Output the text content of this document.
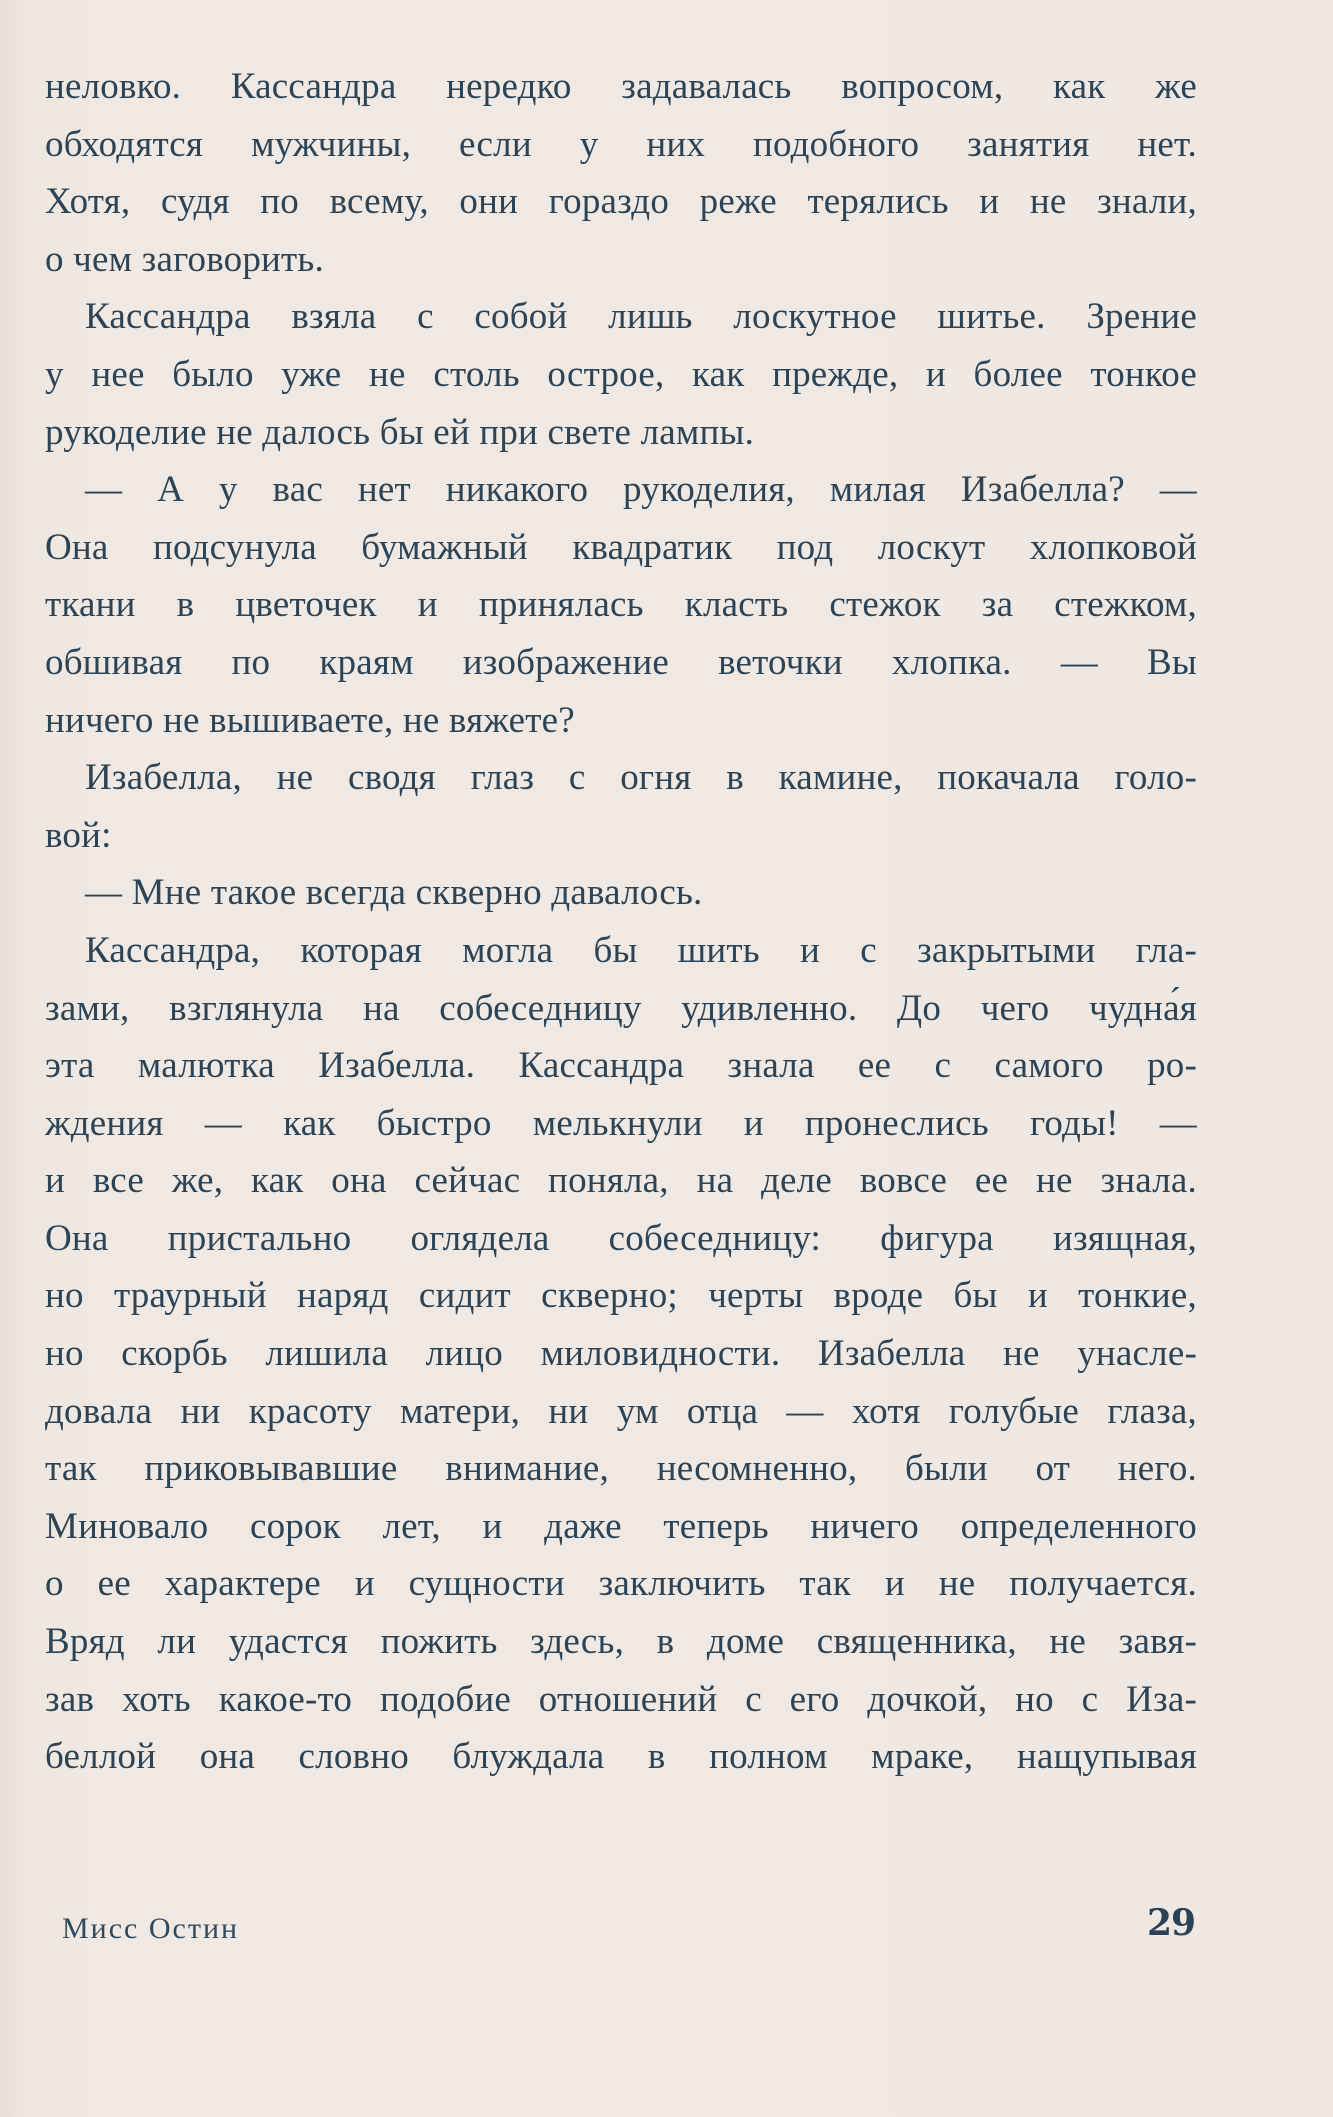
неловко. Кассандра нередко задавалась вопросом, как же
обходятся мужчины, если у них подобного занятия нет.
Хотя, судя по всему, они гораздо реже терялись и не знали,
о чем заговорить.
Кассандра взяла с собой лишь лоскутное шитье. Зрение
у нее было уже не столь острое, как прежде, и более тонкое
рукоделие не далось бы ей при свете лампы.
— А у вас нет никакого рукоделия, милая Изабелла? —
Она подсунула бумажный квадратик под лоскут хлопковой
ткани в цветочек и принялась класть стежок за стежком,
обшивая по краям изображение веточки хлопка. — Вы
ничего не вышиваете, не вяжете?
Изабелла, не сводя глаз с огня в камине, покачала голо-
вой:
— Мне такое всегда скверно давалось.
Кассандра, которая могла бы шить и с закрытыми гла-
зами, взглянула на собеседницу удивленно. До чего чудна́я
эта малютка Изабелла. Кассандра знала ее с самого ро-
ждения — как быстро мелькнули и пронеслись годы! —
и все же, как она сейчас поняла, на деле вовсе ее не знала.
Она пристально оглядела собеседницу: фигура изящная,
но траурный наряд сидит скверно; черты вроде бы и тонкие,
но скорбь лишила лицо миловидности. Изабелла не унасле-
довала ни красоту матери, ни ум отца — хотя голубые глаза,
так приковывавшие внимание, несомненно, были от него.
Миновало сорок лет, и даже теперь ничего определенного
о ее характере и сущности заключить так и не получается.
Вряд ли удастся пожить здесь, в доме священника, не завя-
зав хоть какое-то подобие отношений с его дочкой, но с Иза-
беллой она словно блуждала в полном мраке, нащупывая
Мисс Остин	29
